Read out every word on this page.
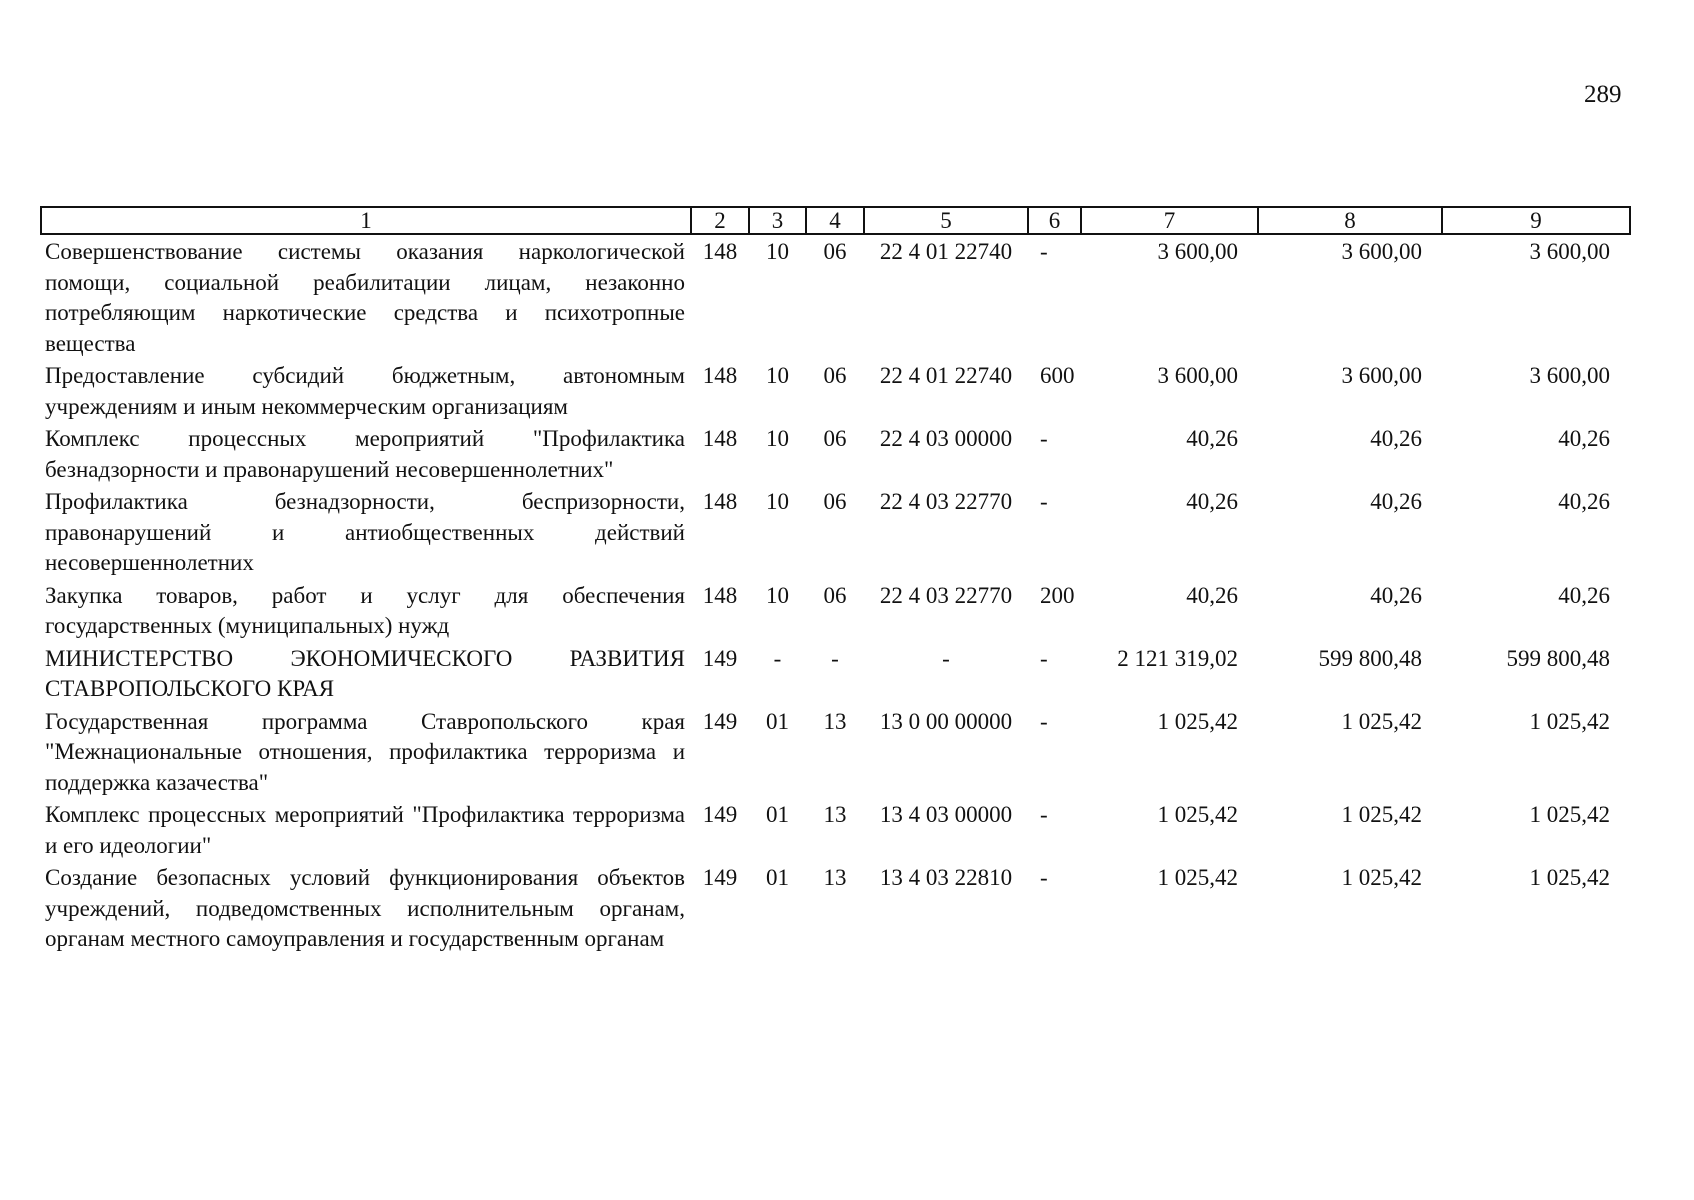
289
1	2	3	4	5	6	7	8	9
Совершенствование системы оказания наркологической помощи, социальной реабилитации лицам, незаконно потребляющим наркотические средства и психотропные вещества	148	10	06	22 4 01 22740	-	3 600,00	3 600,00	3 600,00
Предоставление субсидий бюджетным, автономным учреждениям и иным некоммерческим организациям	148	10	06	22 4 01 22740	600	3 600,00	3 600,00	3 600,00
Комплекс процессных мероприятий "Профилактика безнадзорности и правонарушений несовершеннолетних"	148	10	06	22 4 03 00000	-	40,26	40,26	40,26
Профилактика безнадзорности, беспризорности, правонарушений и антиобщественных действий несовершеннолетних	148	10	06	22 4 03 22770	-	40,26	40,26	40,26
Закупка товаров, работ и услуг для обеспечения государственных (муниципальных) нужд	148	10	06	22 4 03 22770	200	40,26	40,26	40,26
МИНИСТЕРСТВО ЭКОНОМИЧЕСКОГО РАЗВИТИЯ СТАВРОПОЛЬСКОГО КРАЯ	149	-	-	-	-	2 121 319,02	599 800,48	599 800,48
Государственная программа Ставропольского края "Межнациональные отношения, профилактика терроризма и поддержка казачества"	149	01	13	13 0 00 00000	-	1 025,42	1 025,42	1 025,42
Комплекс процессных мероприятий "Профилактика терроризма и его идеологии"	149	01	13	13 4 03 00000	-	1 025,42	1 025,42	1 025,42
Создание безопасных условий функционирования объектов учреждений, подведомственных исполнительным органам, органам местного самоуправления и государственным органам	149	01	13	13 4 03 22810	-	1 025,42	1 025,42	1 025,42
